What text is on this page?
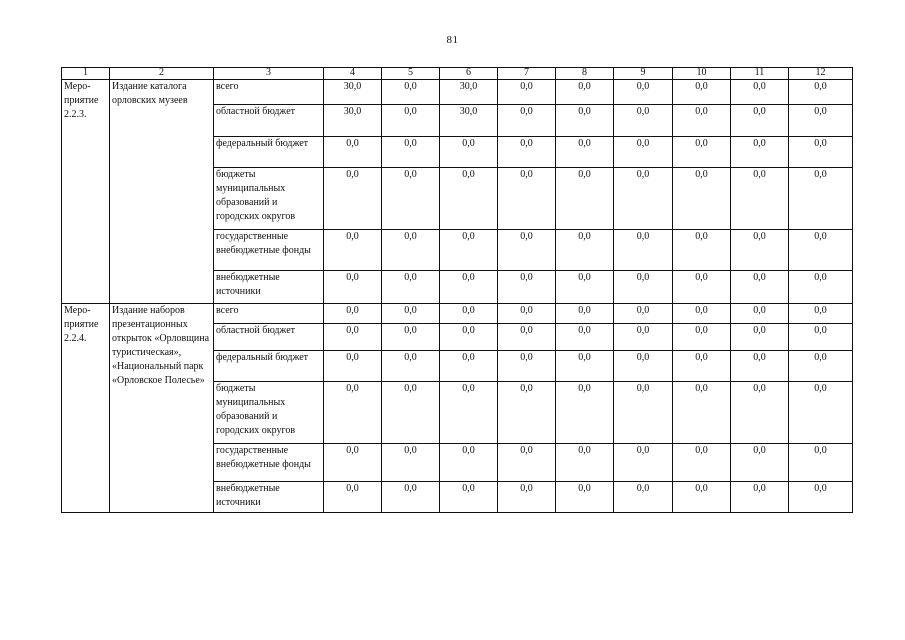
81
1	2	3	4	5	6	7	8	9	10	11	12

Меро-
приятие
2.2.3.	Издание каталога орловских музеев	всего	30,0	0,0	30,0	0,0	0,0	0,0	0,0	0,0	0,0
		областной бюджет	30,0	0,0	30,0	0,0	0,0	0,0	0,0	0,0	0,0
		федеральный бюджет	0,0	0,0	0,0	0,0	0,0	0,0	0,0	0,0	0,0
		бюджеты муниципальных образований и городских округов	0,0	0,0	0,0	0,0	0,0	0,0	0,0	0,0	0,0
		государственные внебюджетные фонды	0,0	0,0	0,0	0,0	0,0	0,0	0,0	0,0	0,0
		внебюджетные источники	0,0	0,0	0,0	0,0	0,0	0,0	0,0	0,0	0,0

Меро-
приятие
2.2.4.	Издание наборов презентационных открыток «Орловщина туристическая», «Национальный парк «Орловское Полесье»	всего	0,0	0,0	0,0	0,0	0,0	0,0	0,0	0,0	0,0
		областной бюджет	0,0	0,0	0,0	0,0	0,0	0,0	0,0	0,0	0,0
		федеральный бюджет	0,0	0,0	0,0	0,0	0,0	0,0	0,0	0,0	0,0
		бюджеты муниципальных образований и городских округов	0,0	0,0	0,0	0,0	0,0	0,0	0,0	0,0	0,0
		государственные внебюджетные фонды	0,0	0,0	0,0	0,0	0,0	0,0	0,0	0,0	0,0
		внебюджетные источники	0,0	0,0	0,0	0,0	0,0	0,0	0,0	0,0	0,0
